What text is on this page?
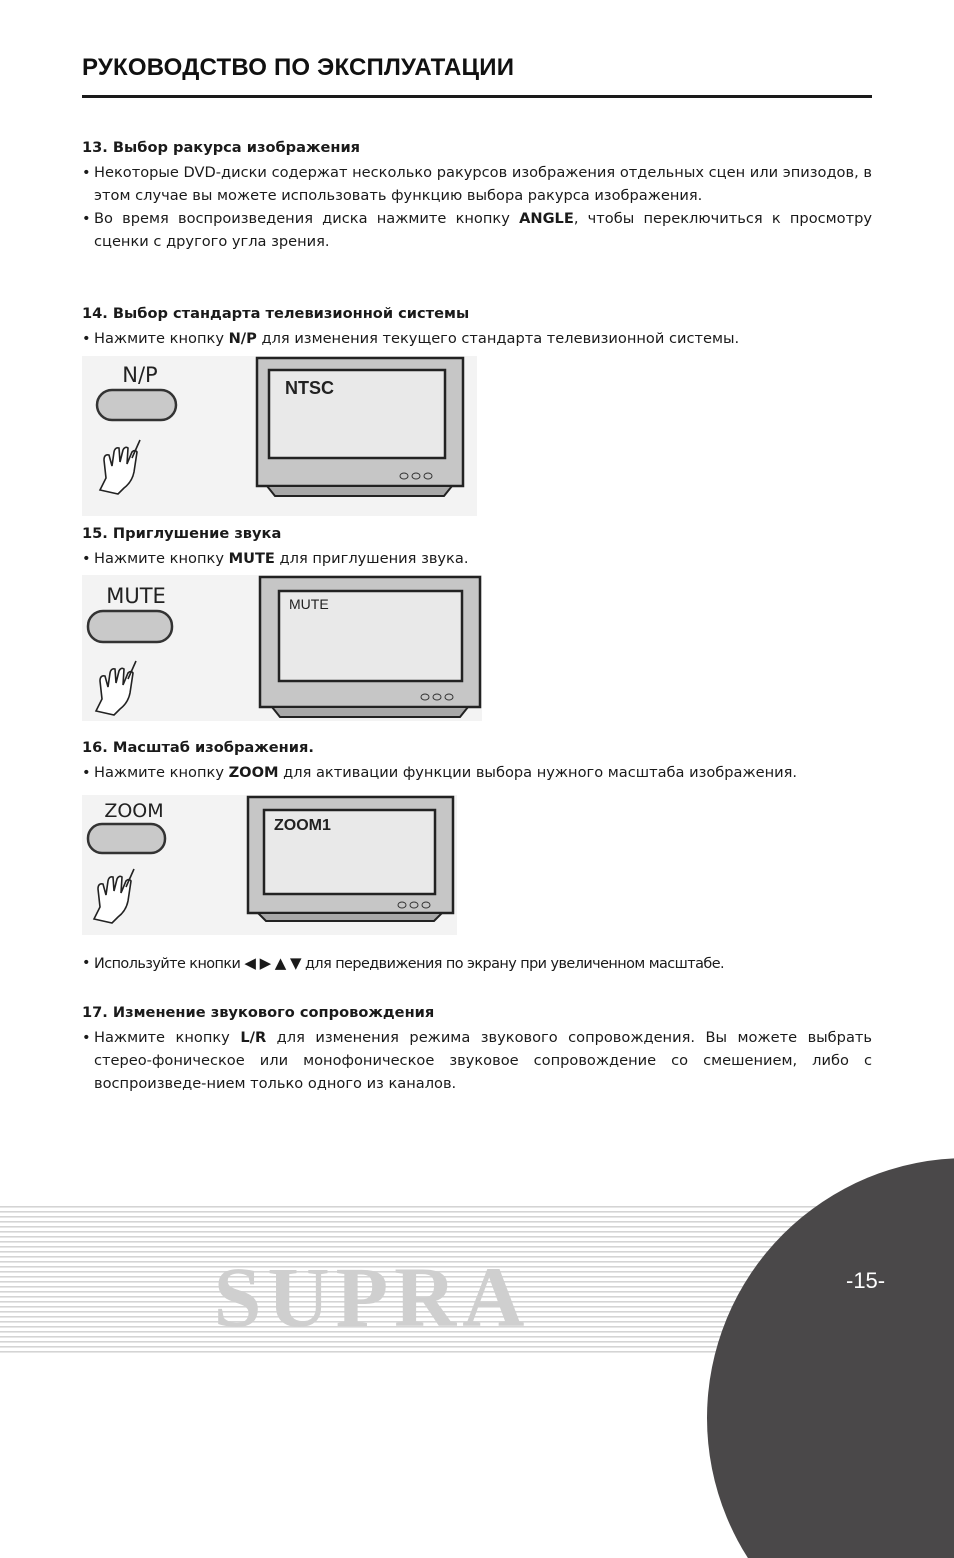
РУКОВОДСТВО ПО ЭКСПЛУАТАЦИИ
13. Выбор ракурса изображения
• Некоторые DVD-диски содержат несколько ракурсов изображения отдельных сцен или эпизодов, в этом случае вы можете использовать функцию выбора ракурса изображения.
• Во время воспроизведения диска нажмите кнопку ANGLE, чтобы переключиться к просмотру сценки с другого угла зрения.
14. Выбор стандарта телевизионной системы
• Нажмите кнопку N/P для изменения текущего стандарта телевизионной системы.
N/P
NTSC
15. Приглушение звука
• Нажмите кнопку MUTE для приглушения звука.
MUTE	MUTE
16. Масштаб изображения.
• Нажмите кнопку ZOOM для активации функции выбора нужного масштаба изображения.
ZOOM
ZOOM1
• Используйте кнопки ◀ ▶ ▲ ▼ для передвижения по экрану при увеличенном масштабе.
17. Изменение звукового сопровождения
• Нажмите кнопку L/R для изменения режима звукового сопровождения. Вы можете выбрать стерео-фоническое или монофоническое звуковое сопровождение со смешением, либо с воспроизведе-нием только одного из каналов.
SUPRA	-15-
